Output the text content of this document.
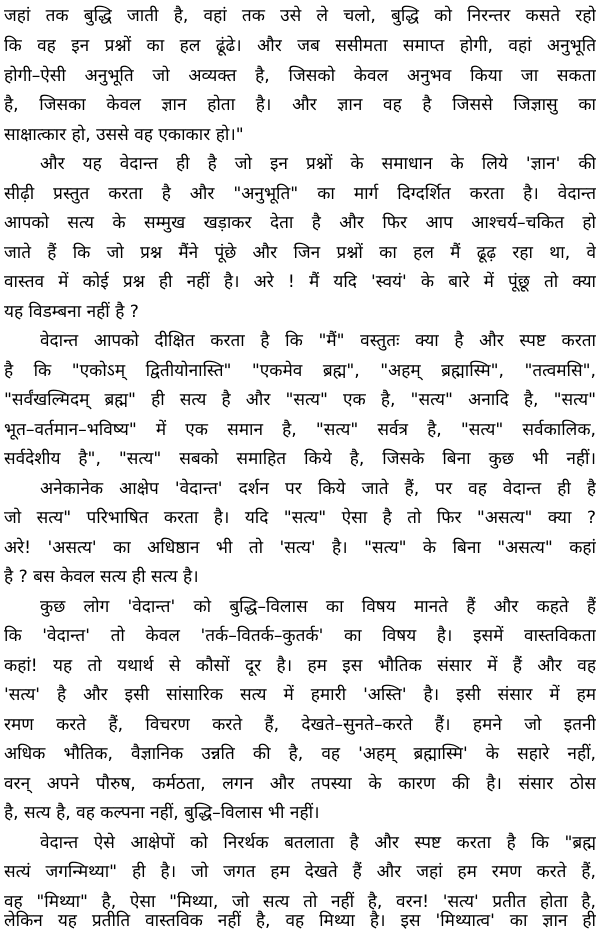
जहां तक बुद्धि जाती है, वहां तक उसे ले चलो, बुद्धि को निरन्तर कसते रहो
कि वह इन प्रश्नों का हल ढूंढे। और जब ससीमता समाप्त होगी, वहां अनुभूति
होगी–ऐसी अनुभूति जो अव्यक्त है, जिसको केवल अनुभव किया जा सकता
है, जिसका केवल ज्ञान होता है। और ज्ञान वह है जिससे जिज्ञासु का
साक्षात्कार हो, उससे वह एकाकार हो।"
और यह वेदान्त ही है जो इन प्रश्नों के समाधान के लिये 'ज्ञान' की
सीढ़ी प्रस्तुत करता है और "अनुभूति" का मार्ग दिग्दर्शित करता है। वेदान्त
आपको सत्य के सम्मुख खड़ाकर देता है और फिर आप आश्चर्य–चकित हो
जाते हैं कि जो प्रश्न मैंने पूंछे और जिन प्रश्नों का हल मैं ढूढ़ रहा था, वे
वास्तव में कोई प्रश्न ही नहीं है। अरे ! मैं यदि 'स्वयं' के बारे में पूंछू तो क्या
यह विडम्बना नहीं है ?
वेदान्त आपको दीक्षित करता है कि "मैं" वस्तुतः क्या है और स्पष्ट करता
है कि "एकोऽम् द्वितीयोनास्ति" "एकमेव ब्रह्म", "अहम् ब्रह्मास्मि", "तत्वमसि",
"सर्वंखल्मिदम् ब्रह्म" ही सत्य है और "सत्य" एक है, "सत्य" अनादि है, "सत्य"
भूत–वर्तमान–भविष्य" में एक समान है, "सत्य" सर्वत्र है, "सत्य" सर्वकालिक,
सर्वदेशीय है", "सत्य" सबको समाहित किये है, जिसके बिना कुछ भी नहीं।
अनेकानेक आक्षेप 'वेदान्त' दर्शन पर किये जाते हैं, पर वह वेदान्त ही है
जो सत्य" परिभाषित करता है। यदि "सत्य" ऐसा है तो फिर "असत्य" क्या ?
अरे! 'असत्य' का अधिष्ठान भी तो 'सत्य' है। "सत्य" के बिना "असत्य" कहां
है ? बस केवल सत्य ही सत्य है।
कुछ लोग 'वेदान्त' को बुद्धि–विलास का विषय मानते हैं और कहते हैं
कि 'वेदान्त' तो केवल 'तर्क–वितर्क–कुतर्क' का विषय है। इसमें वास्तविकता
कहां! यह तो यथार्थ से कौसों दूर है। हम इस भौतिक संसार में हैं और वह
'सत्य' है और इसी सांसारिक सत्य में हमारी 'अस्ति' है। इसी संसार में हम
रमण करते हैं, विचरण करते हैं, देखते–सुनते–करते हैं। हमने जो इतनी
अधिक भौतिक, वैज्ञानिक उन्नति की है, वह 'अहम् ब्रह्मास्मि' के सहारे नहीं,
वरन् अपने पौरुष, कर्मठता, लगन और तपस्या के कारण की है। संसार ठोस
है, सत्य है, वह कल्पना नहीं, बुद्धि–विलास भी नहीं।
वेदान्त ऐसे आक्षेपों को निरर्थक बतलाता है और स्पष्ट करता है कि "ब्रह्म
सत्यं जगन्मिथ्या" ही है। जो जगत हम देखते हैं और जहां हम रमण करते हैं,
वह "मिथ्या" है, ऐसा "मिथ्या, जो सत्य तो नहीं है, वरन! 'सत्य' प्रतीत होता है,
लेकिन यह प्रतीति वास्तविक नहीं है, वह मिथ्या है। इस 'मिथ्यात्व' का ज्ञान ही
